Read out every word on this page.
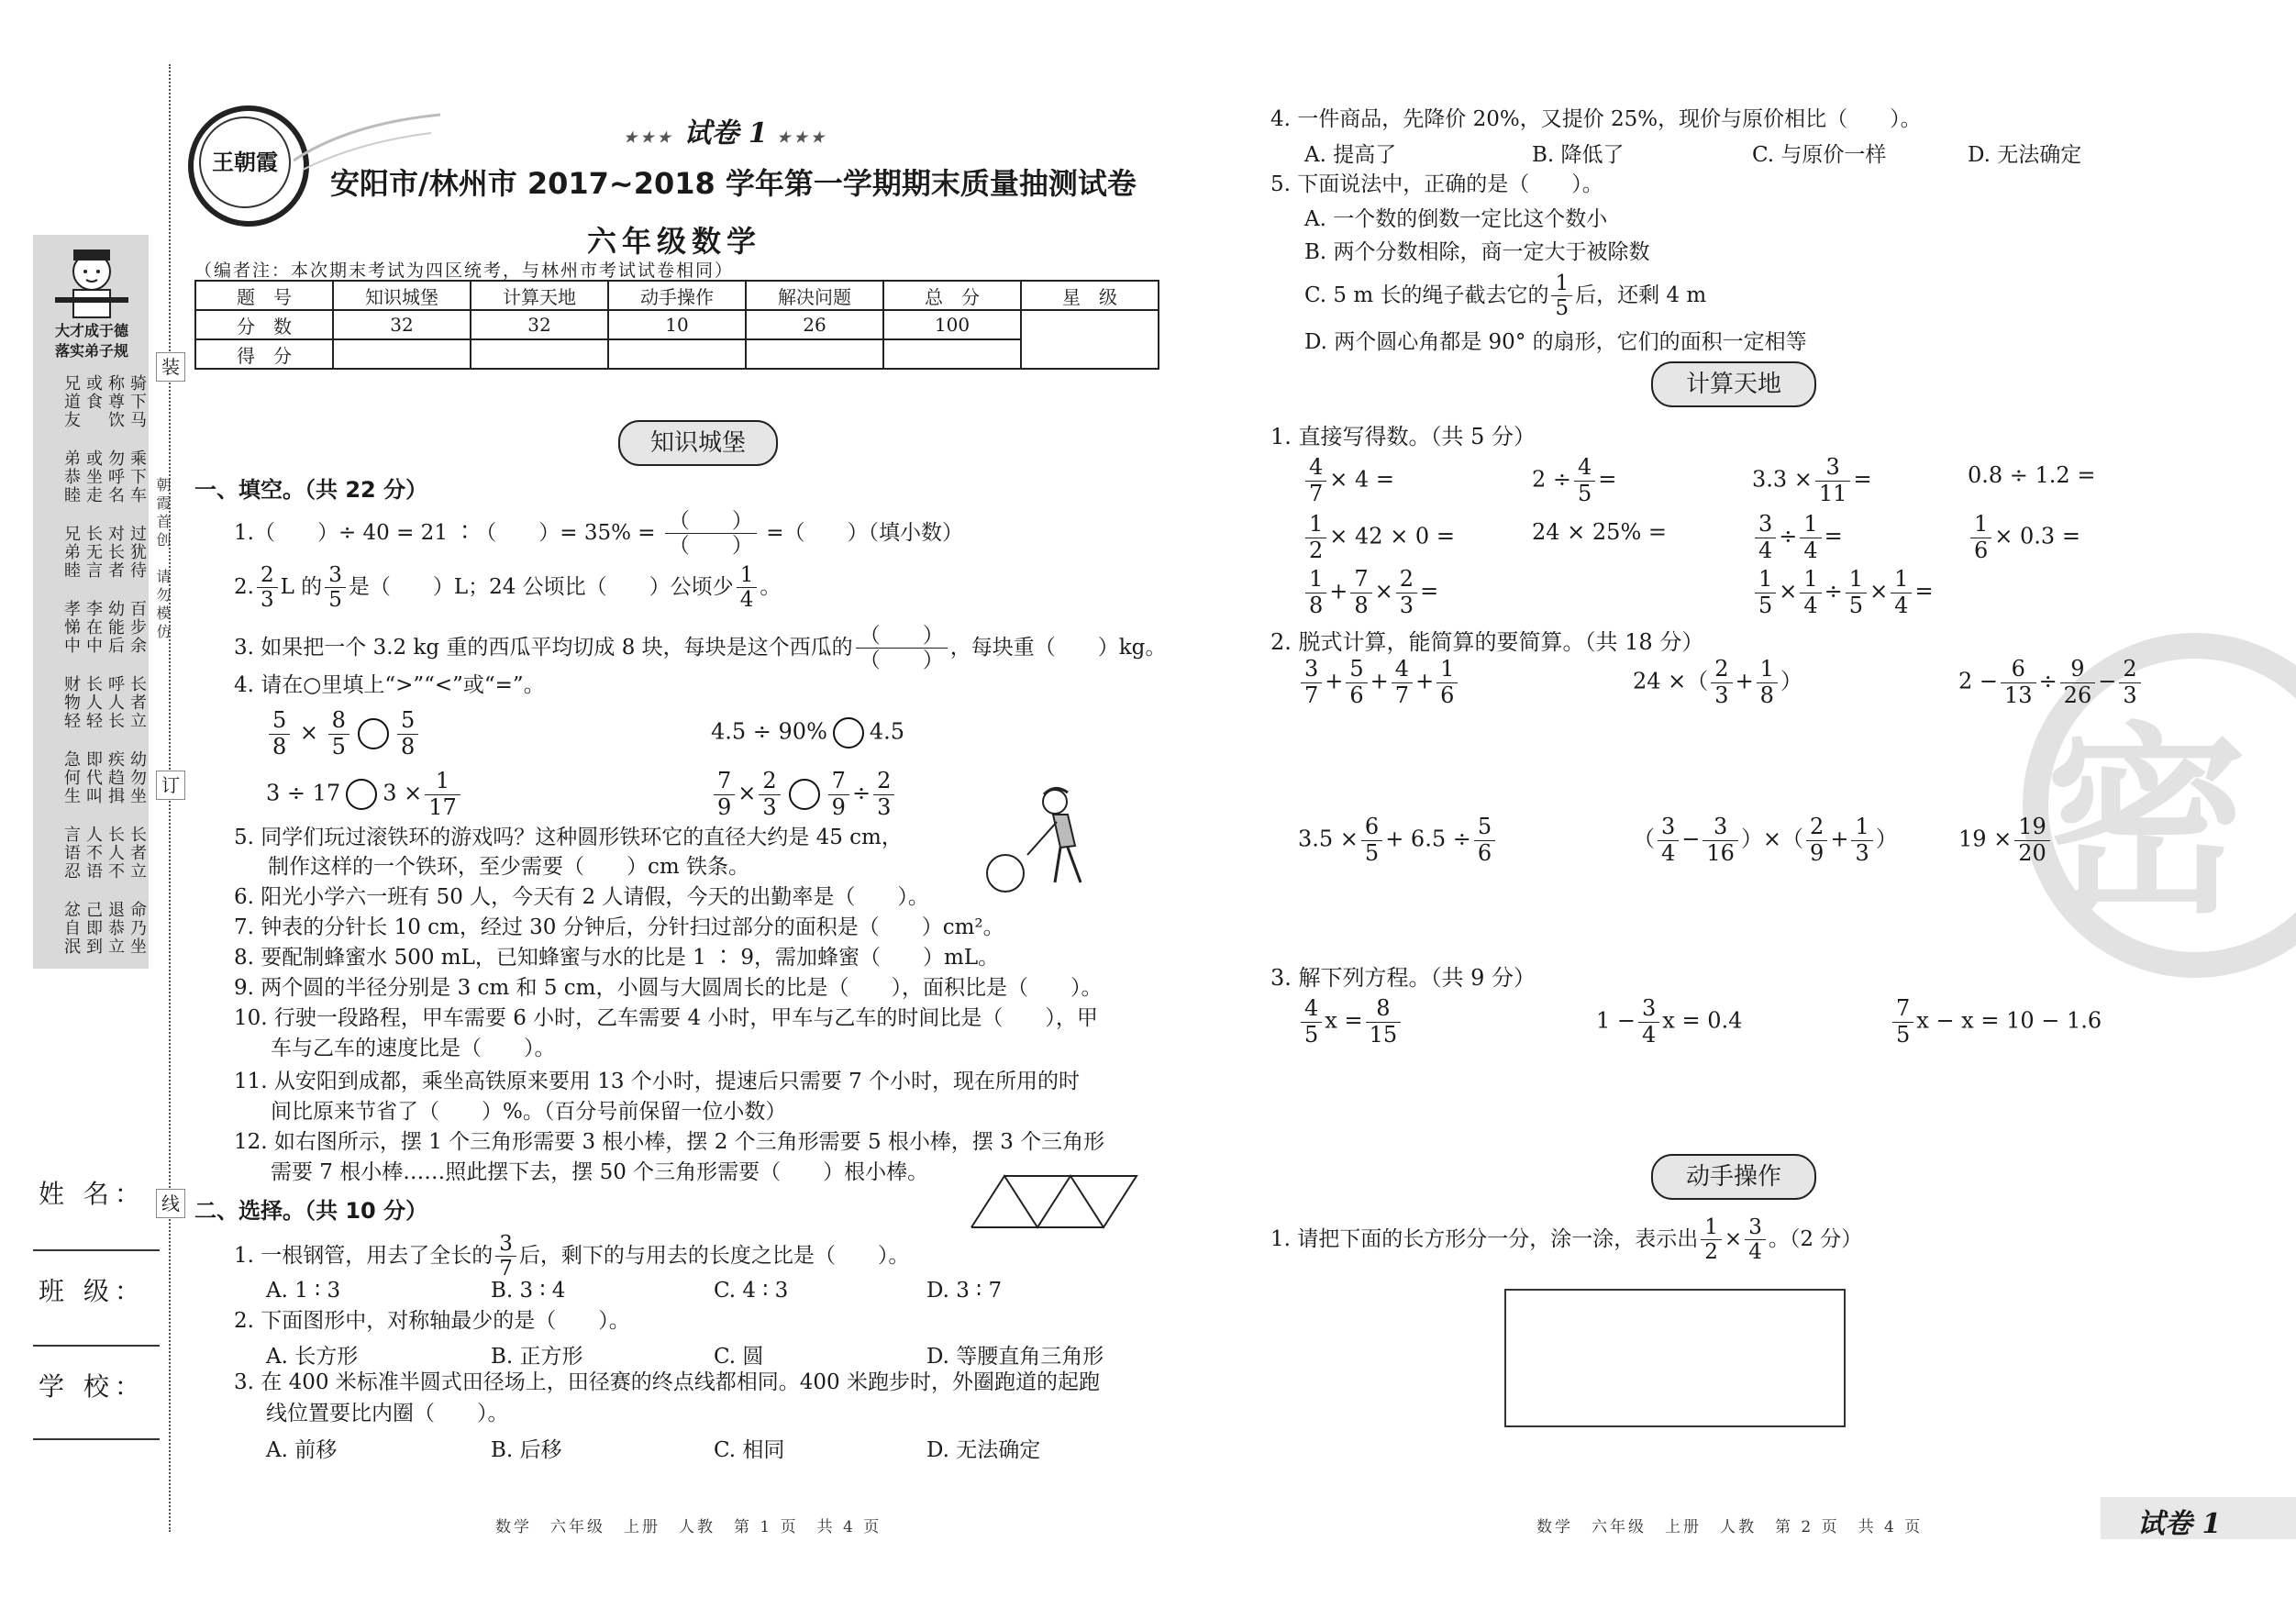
装
订
线
大才成于德
落实弟子规
骑下马
称尊饮
或食
兄道友
乘下车
勿呼名
或坐走
弟恭睦
过犹待
对长者
长无言
兄弟睦
百步余
幼能后
李在中
孝悌中
长者立
呼人长
长人轻
财物轻
幼勿坐
疾趋揖
即代叫
急何生
长者立
长人不
人不语
言语忍
命乃坐
退恭立
己即到
忿自泯
朝霞首创
请勿模仿
姓 名：
班 级：
学 校：
王朝霞
★★★ 试卷 1 ★★★
安阳市/林州市 2017~2018 学年第一学期期末质量抽测试卷
六年级数学
（编者注：本次期末考试为四区统考，与林州市考试试卷相同）
题　号	知识城堡	计算天地	动手操作	解决问题	总　分	星　级
分　数	32	32	10	26	100	
得　分						
知识城堡
一、填空。（共 22 分）
1.（　　）÷ 40 = 21 ∶（　　）= $35\% = \frac{( )}{( )}$ =（　　）（填小数）
2. $\frac{2}{3}$ L 的 $\frac{3}{5}$ 是（　　）L；24 公顷比（　　）公顷少 $\frac{1}{4}$ 。
3. 如果把一个 3.2 kg 重的西瓜平均切成 8 块，每块是这个西瓜的 $\frac{( )}{( )}$ ，每块重（　　）kg。
4. 请在○里填上“>”“<”或“=”。
$\frac{5}{8} \times \frac{8}{5} \frac{5}{8}$	4.5 ÷ 90% 4.5
3 ÷ 17 $3 \times \frac{1}{17}$	$\frac{7}{9} \times \frac{2}{3} \frac{7}{9} \div \frac{2}{3}$
5. 同学们玩过滚铁环的游戏吗？这种圆形铁环它的直径大约是 45 cm，
制作这样的一个铁环，至少需要（　　）cm 铁条。
6. 阳光小学六一班有 50 人，今天有 2 人请假，今天的出勤率是（　　）。
7. 钟表的分针长 10 cm，经过 30 分钟后，分针扫过部分的面积是（　　）cm²。
8. 要配制蜂蜜水 500 mL，已知蜂蜜与水的比是 1 ∶ 9，需加蜂蜜（　　）mL。
9. 两个圆的半径分别是 3 cm 和 5 cm，小圆与大圆周长的比是（　　），面积比是（　　）。
10. 行驶一段路程，甲车需要 6 小时，乙车需要 4 小时，甲车与乙车的时间比是（　　），甲
车与乙车的速度比是（　　）。
11. 从安阳到成都，乘坐高铁原来要用 13 个小时，提速后只需要 7 个小时，现在所用的时
间比原来节省了（　　）%。（百分号前保留一位小数）
12. 如右图所示，摆 1 个三角形需要 3 根小棒，摆 2 个三角形需要 5 根小棒，摆 3 个三角形
需要 7 根小棒……照此摆下去，摆 50 个三角形需要（　　）根小棒。
二、选择。（共 10 分）
1. 一根钢管，用去了全长的 $\frac{3}{7}$ 后，剩下的与用去的长度之比是（　　）。
A. 1 ∶ 3	B. 3 ∶ 4	C. 4 ∶ 3	D. 3 ∶ 7
2. 下面图形中，对称轴最少的是（　　）。
A. 长方形	B. 正方形	C. 圆	D. 等腰直角三角形
3. 在 400 米标准半圆式田径场上，田径赛的终点线都相同。400 米跑步时，外圈跑道的起跑
线位置要比内圈（　　）。
A. 前移	B. 后移	C. 相同	D. 无法确定
数学　六年级　上册　人教　第 1 页　共 4 页
密
4. 一件商品，先降价 20%，又提价 25%，现价与原价相比（　　）。
A. 提高了	B. 降低了	C. 与原价一样	D. 无法确定
5. 下面说法中，正确的是（　　）。
A. 一个数的倒数一定比这个数小
B. 两个分数相除，商一定大于被除数
C. 5 m 长的绳子截去它的 $\frac{1}{5}$ 后，还剩 4 m
D. 两个圆心角都是 90° 的扇形，它们的面积一定相等
计算天地
1. 直接写得数。（共 5 分）
$\frac{4}{7} \times 4$ =	$2 \div \frac{4}{5}$ =	$3.3 \times \frac{3}{11}$ =	0.8 ÷ 1.2 =
$\frac{1}{2} \times 42 \times 0$ =	24 × 25% =	$\frac{3}{4} \div \frac{1}{4}$ =	$\frac{1}{6} \times 0.3$ =
$\frac{1}{8} + \frac{7}{8} \times \frac{2}{3}$ =	$\frac{1}{5} \times \frac{1}{4} \div \frac{1}{5} \times \frac{1}{4}$ =
2. 脱式计算，能简算的要简算。（共 18 分）
$\frac{3}{7} + \frac{5}{6} + \frac{4}{7} + \frac{1}{6}$	24 ×（ $\frac{2}{3} + \frac{1}{8}$ ）	$2 - \frac{6}{13} \div \frac{9}{26} - \frac{2}{3}$
$3.5 \times \frac{6}{5} + 6.5 \div \frac{5}{6}$	（ $\frac{3}{4} - \frac{3}{16}$ ）×（ $\frac{2}{9} + \frac{1}{3}$ ）	$19 \times \frac{19}{20}$
3. 解下列方程。（共 9 分）
$\frac{4}{5}$ $x = \frac{8}{15}$	$1 - \frac{3}{4}$ x = 0.4	$\frac{7}{5}$ x − x = 10 − 1.6
动手操作
1. 请把下面的长方形分一分，涂一涂，表示出 $\frac{1}{2} \times \frac{3}{4}$ 。（2 分）
数学　六年级　上册　人教　第 2 页　共 4 页	试卷 1
